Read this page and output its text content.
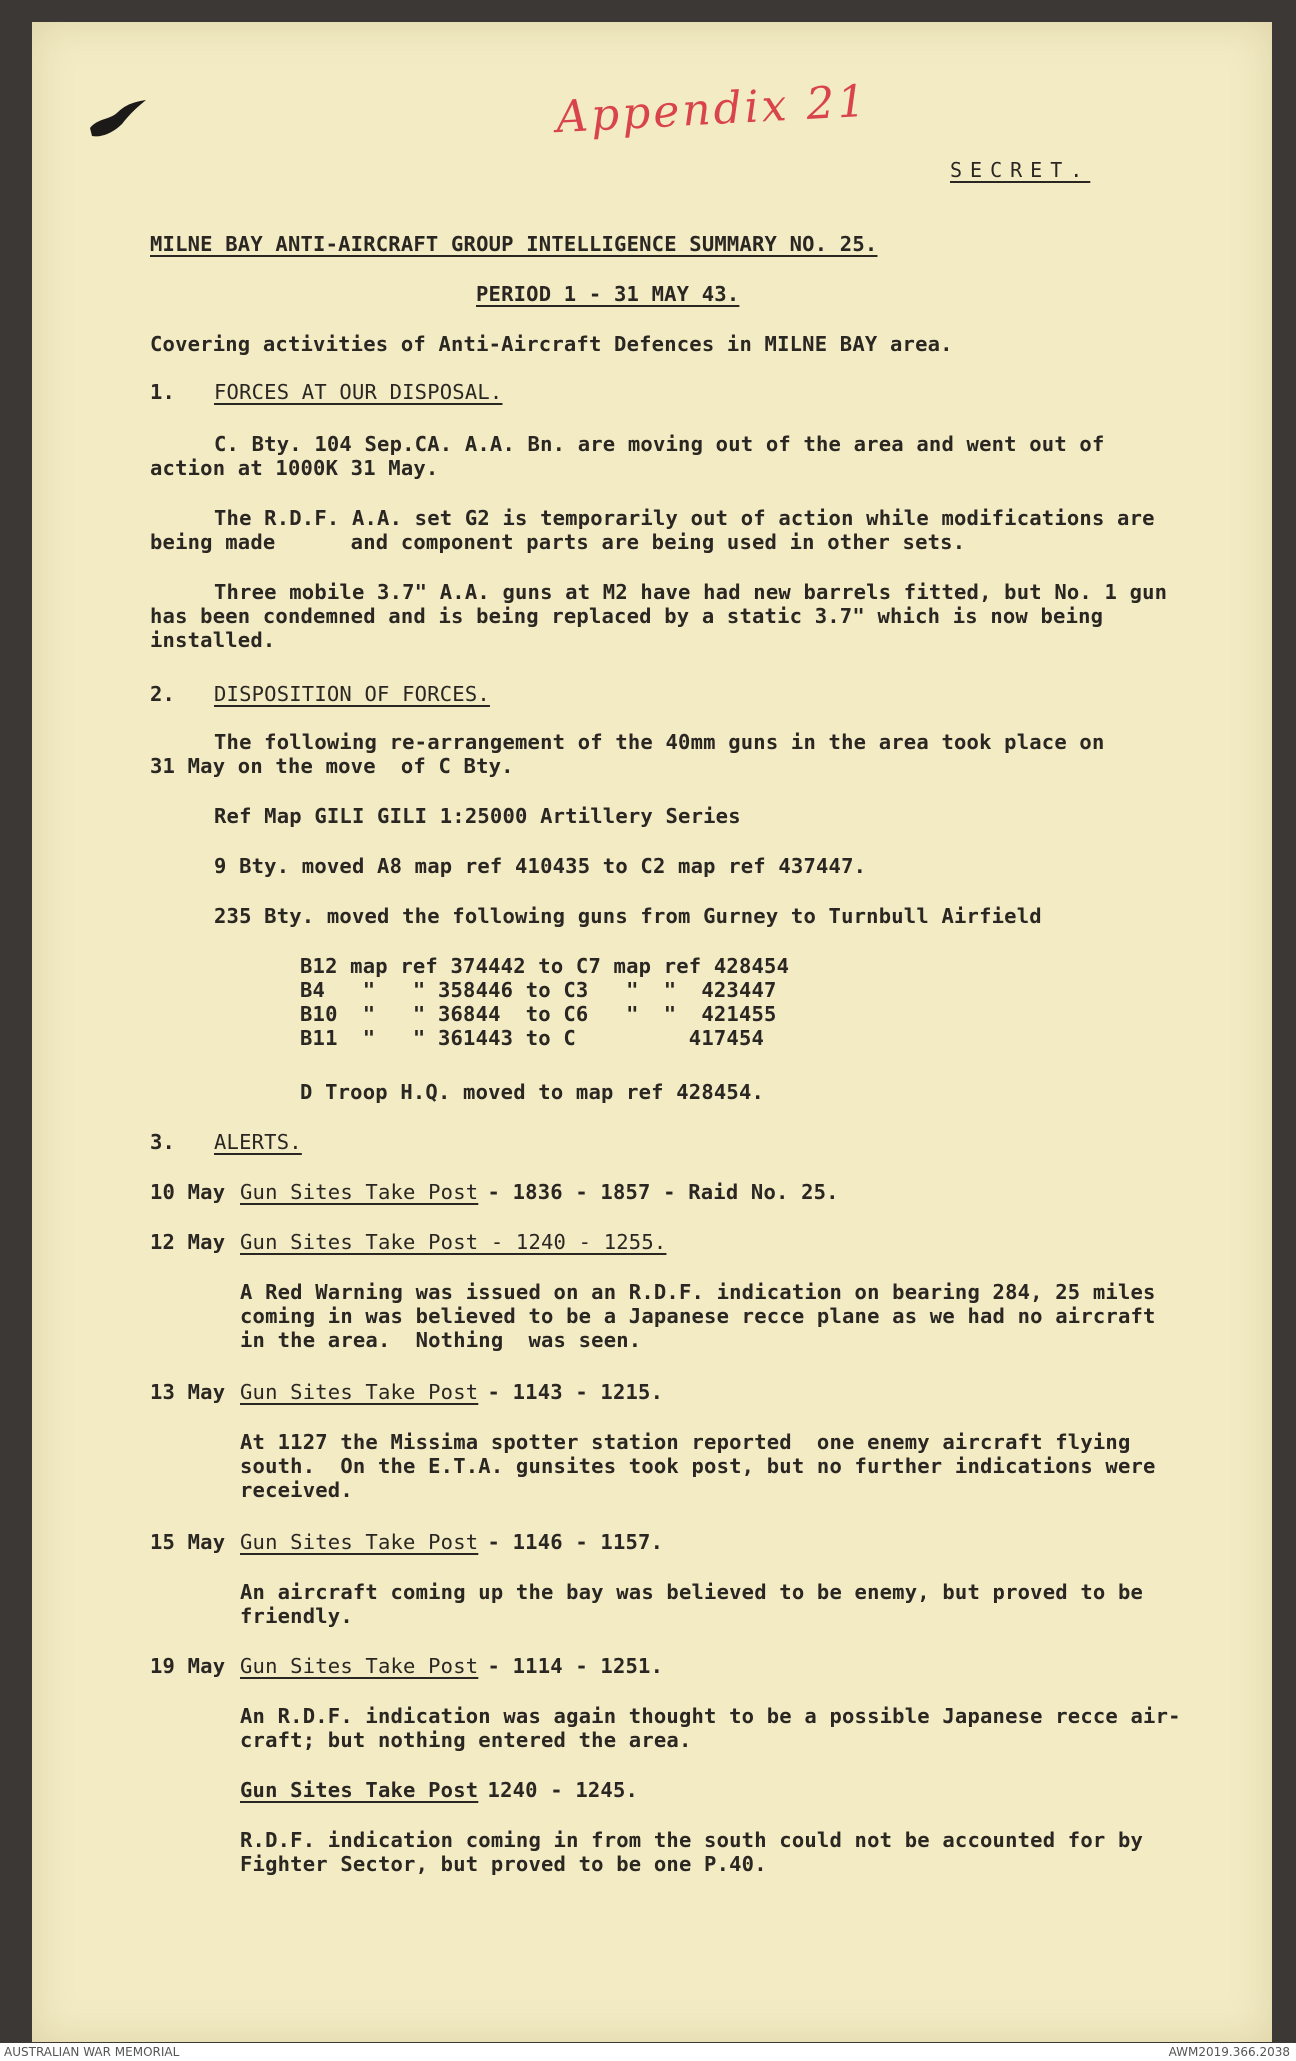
Appendix 21
SECRET.
MILNE BAY ANTI-AIRCRAFT GROUP INTELLIGENCE SUMMARY NO. 25.
PERIOD 1 - 31 MAY 43.
Covering activities of Anti-Aircraft Defences in MILNE BAY area.
1. FORCES AT OUR DISPOSAL.
C. Bty. 104 Sep.CA. A.A. Bn. are moving out of the area and went out of
action at 1000K 31 May.
The R.D.F. A.A. set G2 is temporarily out of action while modifications are
being made      and component parts are being used in other sets.
Three mobile 3.7" A.A. guns at M2 have had new barrels fitted, but No. 1 gun
has been condemned and is being replaced by a static 3.7" which is now being
installed.
2. DISPOSITION OF FORCES.
The following re-arrangement of the 40mm guns in the area took place on
31 May on the move  of C Bty.
Ref Map GILI GILI 1:25000 Artillery Series
9 Bty. moved A8 map ref 410435 to C2 map ref 437447.
235 Bty. moved the following guns from Gurney to Turnbull Airfield
B12 map ref 374442 to C7 map ref 428454
B4   "   " 358446 to C3   "  "  423447
B10  "   " 36844  to C6   "  "  421455
B11  "   " 361443 to C         417454
D Troop H.Q. moved to map ref 428454.
3. ALERTS.
10 May Gun Sites Take Post
- 1836 - 1857 - Raid No. 25.
12 May Gun Sites Take Post - 1240 - 1255.
A Red Warning was issued on an R.D.F. indication on bearing 284, 25 miles
coming in was believed to be a Japanese recce plane as we had no aircraft
in the area.  Nothing  was seen.
13 May Gun Sites Take Post
- 1143 - 1215.
At 1127 the Missima spotter station reported  one enemy aircraft flying
south.  On the E.T.A. gunsites took post, but no further indications were
received.
15 May Gun Sites Take Post
- 1146 - 1157.
An aircraft coming up the bay was believed to be enemy, but proved to be
friendly.
19 May Gun Sites Take Post
- 1114 - 1251.
An R.D.F. indication was again thought to be a possible Japanese recce air-
craft; but nothing entered the area.
Gun Sites Take Post
1240 - 1245.
R.D.F. indication coming in from the south could not be accounted for by
Fighter Sector, but proved to be one P.40.
AUSTRALIAN WAR MEMORIAL	AWM2019.366.2038
